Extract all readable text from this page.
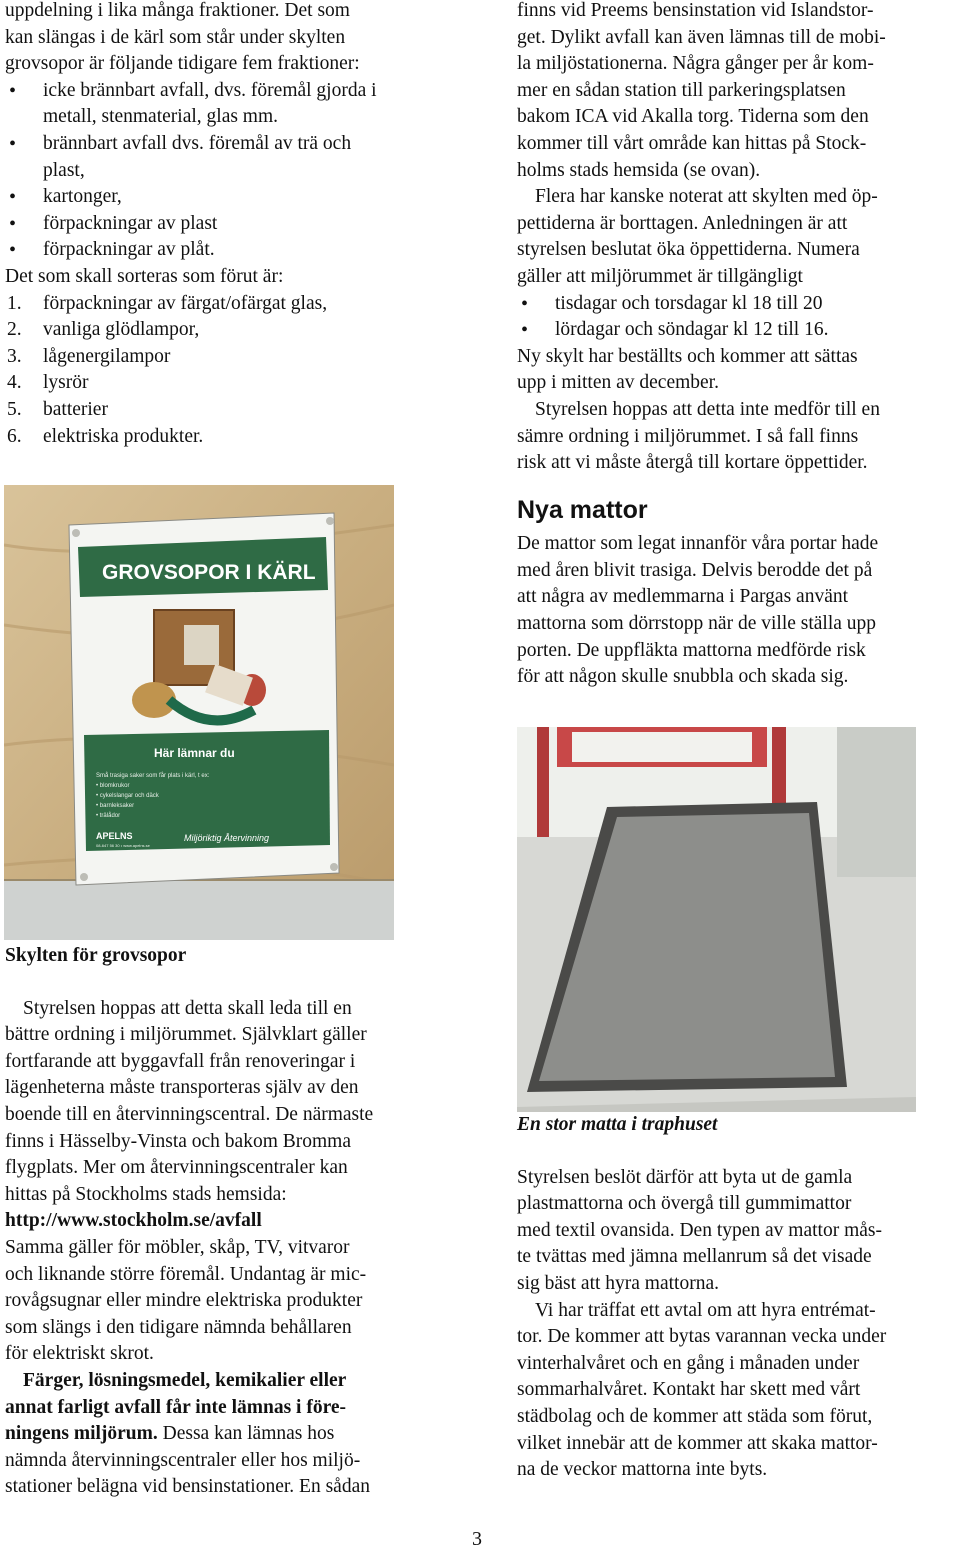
uppdelning i lika många fraktioner. Det som
kan slängas i de kärl som står under skylten
grovsopor är följande tidigare fem fraktioner:

• icke brännbart avfall, dvs. föremål gjorda i
metall, stenmaterial, glas mm.
• brännbart avfall dvs. föremål av trä och
plast,
• kartonger,
• förpackningar av plast
• förpackningar av plåt.

Det som skall sorteras som förut är:

1. förpackningar av färgat/ofärgat glas,
2. vanliga glödlampor,
3. lågenergilampor
4. lysrör
5. batterier
6. elektriska produkter.
GROVSOPOR I KÄRL
Här lämnar du
Små trasiga saker som får plats i kärl, t ex:
• blomkrukor
• cykelslangar och däck
• barnleksaker
• trälådor
APELNS
08-647 56 30 • www.apelns.se
Miljöriktig Återvinning

Skylten för grovsopor

Styrelsen hoppas att detta skall leda till en
bättre ordning i miljörummet. Självklart gäller
fortfarande att byggavfall från renoveringar i
lägenheterna måste transporteras själv av den
boende till en återvinningscentral. De närmaste
finns i Hässelby-Vinsta och bakom Bromma
flygplats. Mer om återvinningscentraler kan
hittas på Stockholms stads hemsida:
http://www.stockholm.se/avfall

Samma gäller för möbler, skåp, TV, vitvaror
och liknande större föremål. Undantag är mic-
rovågsugnar eller mindre elektriska produkter
som slängs i den tidigare nämnda behållaren
för elektriskt skrot.

Färger, lösningsmedel, kemikalier eller
annat farligt avfall får inte lämnas i före-
ningens miljörum. Dessa kan lämnas hos
nämnda återvinningscentraler eller hos miljö-
stationer belägna vid bensinstationer. En sådan

finns vid Preems bensinstation vid Islandstor-
get. Dylikt avfall kan även lämnas till de mobi-
la miljöstationerna. Några gånger per år kom-
mer en sådan station till parkeringsplatsen
bakom ICA vid Akalla torg. Tiderna som den
kommer till vårt område kan hittas på Stock-
holms stads hemsida (se ovan).

Flera har kanske noterat att skylten med öp-
pettiderna är borttagen. Anledningen är att
styrelsen beslutat öka öppettiderna. Numera
gäller att miljörummet är tillgängligt

• tisdagar och torsdagar kl 18 till 20
• lördagar och söndagar kl 12 till 16.

Ny skylt har beställts och kommer att sättas
upp i mitten av december.

Styrelsen hoppas att detta inte medför till en
sämre ordning i miljörummet. I så fall finns
risk att vi måste återgå till kortare öppettider.

Nya mattor

De mattor som legat innanför våra portar hade
med åren blivit trasiga. Delvis berodde det på
att några av medlemmarna i Pargas använt
mattorna som dörrstopp när de ville ställa upp
porten. De uppfläkta mattorna medförde risk
för att någon skulle snubbla och skada sig.

En stor matta i traphuset

Styrelsen beslöt därför att byta ut de gamla
plastmattorna och övergå till gummimattor
med textil ovansida. Den typen av mattor mås-
te tvättas med jämna mellanrum så det visade
sig bäst att hyra mattorna.

Vi har träffat ett avtal om att hyra entrémat-
tor. De kommer att bytas varannan vecka under
vinterhalvåret och en gång i månaden under
sommarhalvåret. Kontakt har skett med vårt
städbolag och de kommer att städa som förut,
vilket innebär att de kommer att skaka mattor-
na de veckor mattorna inte byts.

3
